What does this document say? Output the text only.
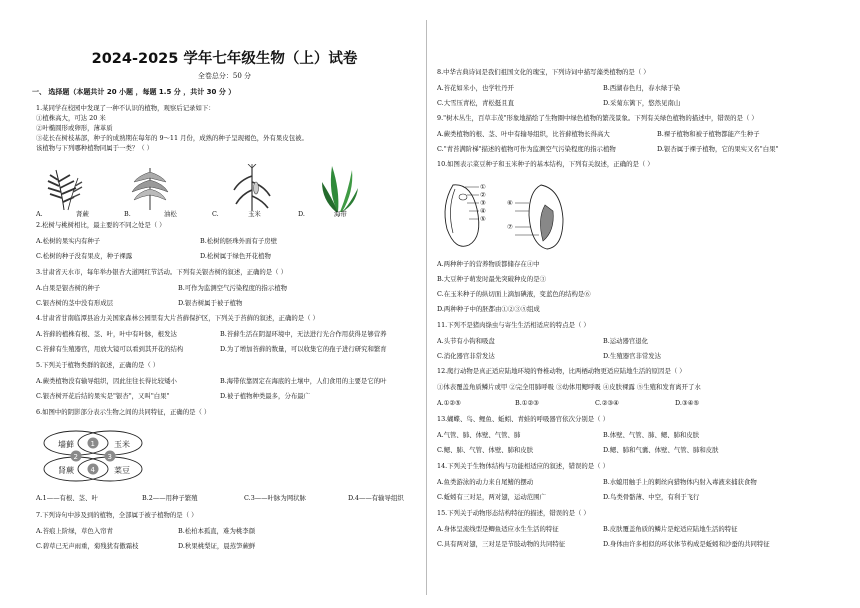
2024-2025 学年七年级生物（上）试卷
全卷总分：50 分
一、 选择题（本题共计 20 小题 ，每题 1.5 分 ，共计 30 分 ）
1.某同学在校园中发现了一种不认识的植物，观察后记录如下：
①植株高大，可达 20 米
②叶椭圆形或卵形，薄革质
③花长在树枝基部，种子的成熟期在每年的 9～11 月份，成熟的种子呈现褐色，外有果皮包被。
该植物与下列哪种植物同属于一类？（ ）
A.	肾蕨	B.	油松	C.	玉米	D.	海带
2.松树与桃树相比，最主要的不同之处是（ ）
A.松树的果实内有种子	B.松树的胚珠外面有子房壁
C.松树的种子没有果皮，种子裸露	D.松树属于绿色开花植物
3.甘肃省天水市，每年举办银杏大道网红节活动。下列有关银杏树的叙述，正确的是（ ）
A.白果是银杏树的种子	B.可作为监测空气污染程度的指示植物
C.银杏树的茎中没有形成层	D.银杏树属于被子植物
4.甘肃省甘南临潭县冶力关国家森林公园里有大片苔藓保护区，下列关于苔藓的叙述，正确的是（ ）
A.苔藓的植株有根、茎、叶，叶中有叶脉，根发达	B.苔藓生活在阴湿环境中，无法进行光合作用获得足够营养
C.苔藓有生殖器官，用放大镜可以看到其开花的结构	D.为了增加苔藓的数量，可以收集它的孢子进行研究和繁育
5.下列关于植物类群的叙述，正确的是（ ）
A.蕨类植物没有输导组织，因此往往长得比较矮小	B.海带依靠固定在海底的土壤中，人们食用的主要是它的叶
C.银杏树开花后结的果实是"银杏"，又叫"白果"	D.被子植物种类最多，分布最广
6.如图中的阴影部分表示生物之间的共同特征，正确的是（ ）
墙藓	玉米
肾蕨	菜豆
1
2	3
4
A.1——有根、茎、叶	B.2——用种子繁殖	C.3——叶脉为网状脉	D.4——有输导组织
7.下列诗句中涉及到的植物，全部属于被子植物的是（ ）
A.苔痕上阶绿，草色入帘青	B.松柏本孤直，难为桃李颜
C.碧草已无声雨重，菊残犹有傲霜枝	D.秋果桃梨证，晨蒸笋蕨鲜
8.中华古典诗词是我们祖国文化的瑰宝，下列诗词中描写藻类植物的是（ ）
A.苔花如米小，也学牡丹开	B.西湖春色归，春水绿于染
C.大雪压青松，青松挺且直	D.采菊东篱下，悠然见南山
9."树木丛生，百草丰茂"形象地描绘了生物圈中绿色植物的繁茂景象。下列有关绿色植物的描述中，错误的是（ ）
A.蕨类植物的根、茎、叶中有输导组织，比苔藓植物长得高大	B.裸子植物和被子植物都能产生种子
C."青苔满阶梯"描述的植物可作为监测空气污染程度的指示植物	D.银杏属于裸子植物，它的果实又名"白果"
10.如图表示菜豆种子和玉米种子的基本结构，下列有关叙述，正确的是（ ）
①
②
③
④
⑤
⑥
⑦
A.两种种子的营养物质都储存在④中
B.大豆种子萌发时最先突破种皮的是③
C.在玉米种子的纵切面上滴加碘液，变蓝色的结构是⑥
D.两种种子中的胚都由①②③⑤组成
11.下列不是猪肉绦虫与寄生生活相适应的特点是（ ）
A.头节有小钩和吸盘	B.运动器官退化
C.消化器官非常发达	D.生殖器官非常发达
12.爬行动物是真正适应陆地环境的脊椎动物，比两栖动物更适应陆地生活的原因是（ ）
①体表覆盖角质鳞片或甲 ②完全用肺呼吸 ③幼体用鳃呼吸 ④皮肤裸露 ⑤生殖和发育离开了水
A.①②⑤	B.①②③	C.②③④	D.③④⑤
13.蝴蝶、鸟、鲤鱼、蚯蚓、青蛙的呼吸器官依次分别是（ ）
A.气管、肺、体壁、气管、肺	B.体壁、气管、肺、鳃、肺和皮肤
C.鳃、肺、气管、体壁、肺和皮肤	D.鳃、肺和气囊、体壁、气管、肺和皮肤
14.下列关于生物体结构与功能相适应的叙述，错误的是（ ）
A.鱼类游泳的动力来自尾鳍的摆动	B.水螅用触手上的刺丝向猎物体内射入毒液来捕获食物
C.蚯蚓有三对足，两对翅，运动范围广	D.鸟类骨骼薄、中空，有利于飞行
15.下列关于动物形态结构特征的描述，错误的是（ ）
A.身体呈流线型是鲫鱼适应水生生活的特征	B.皮肤覆盖角质的鳞片是蛇适应陆地生活的特征
C.具有两对翅，三对足是节肢动物的共同特征	D.身体由许多相似的环状体节构成是蚯蚓和沙蚕的共同特征
